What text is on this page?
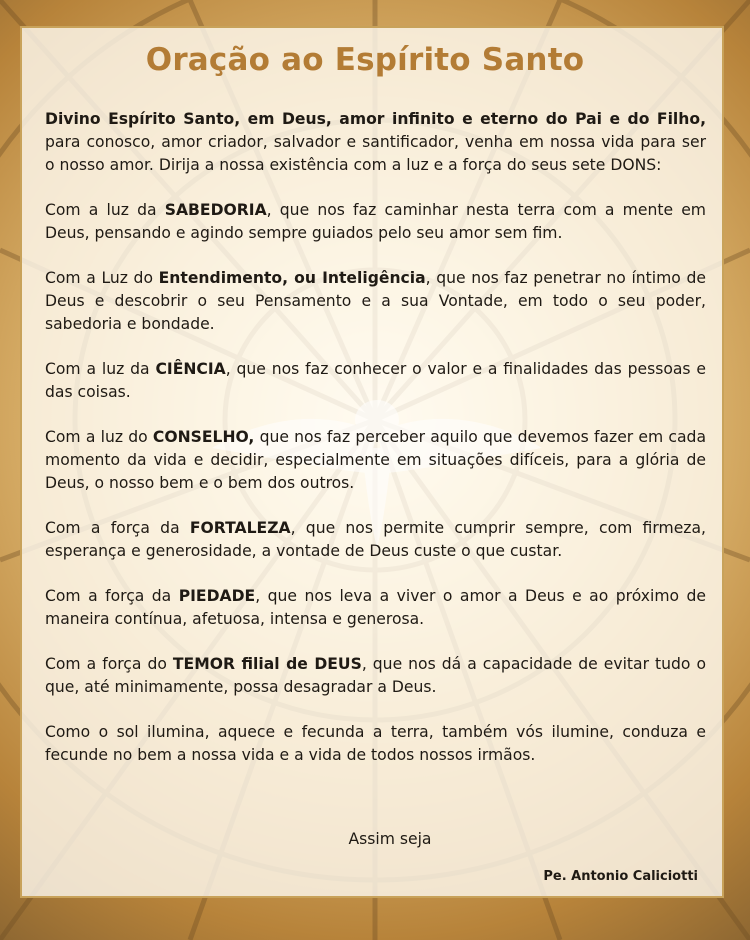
Oração ao Espírito Santo

Divino Espírito Santo, em Deus, amor infinito e eterno do Pai e do Filho, para conosco, amor criador, salvador e santificador, venha em nossa vida para ser o nosso amor. Dirija a nossa existência com a luz e a força do seus sete DONS:

Com a luz da SABEDORIA, que nos faz caminhar nesta terra com a mente em Deus, pensando e agindo sempre guiados pelo seu amor sem fim.

Com a Luz do Entendimento, ou Inteligência, que nos faz penetrar no íntimo de Deus e descobrir o seu Pensamento e a sua Vontade, em todo o seu poder, sabedoria e bondade.

Com a luz da CIÊNCIA, que nos faz conhecer o valor e a finalidades das pessoas e das coisas.

Com a luz do CONSELHO, que nos faz perceber aquilo que devemos fazer em cada momento da vida e decidir, especialmente em situações difíceis, para a glória de Deus, o nosso bem e o bem dos outros.

Com a força da FORTALEZA, que nos permite cumprir sempre, com firmeza, esperança e generosidade, a vontade de Deus custe o que custar.

Com a força da PIEDADE, que nos leva a viver o amor a Deus e ao próximo de maneira contínua, afetuosa, intensa e generosa.

Com a força do TEMOR filial de DEUS, que nos dá a capacidade de evitar tudo o que, até minimamente, possa desagradar a Deus.

Como o sol ilumina, aquece e fecunda a terra, também vós ilumine, conduza e fecunde no bem a nossa vida e a vida de todos nossos irmãos.

Assim seja
Pe. Antonio Caliciotti
